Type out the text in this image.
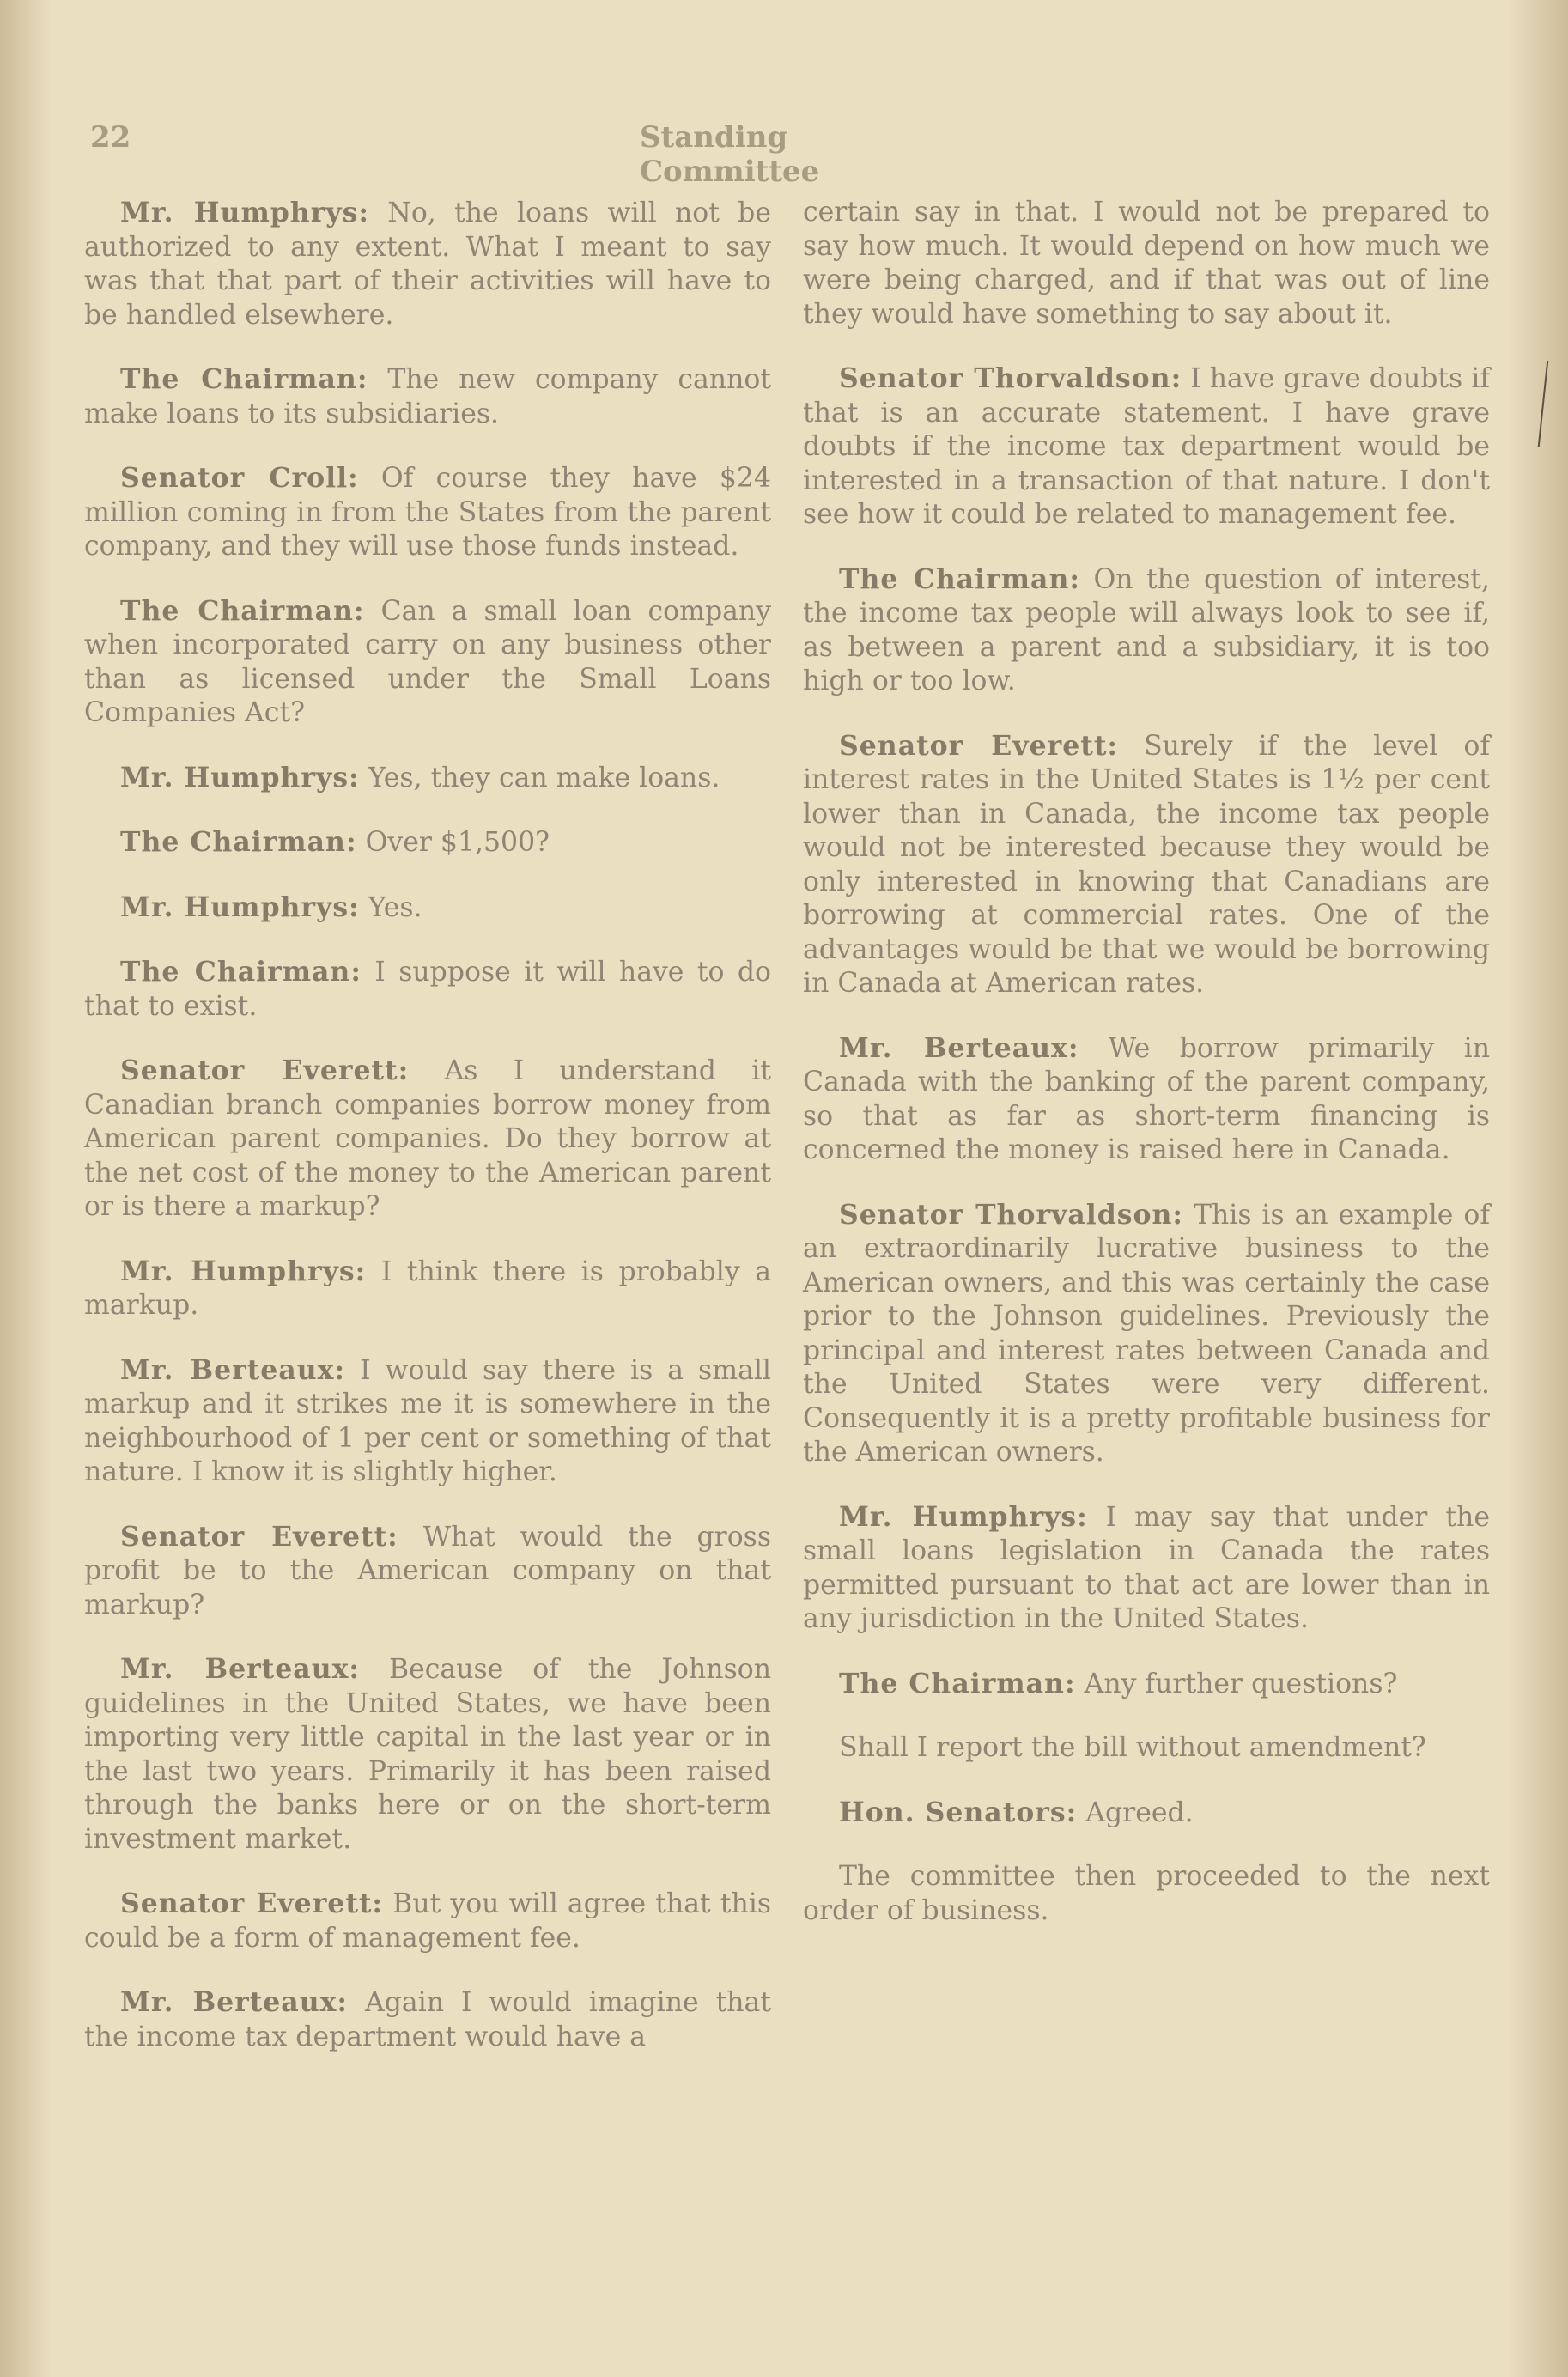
22	Standing Committee

Mr. Humphrys: No, the loans will not be authorized to any extent. What I meant to say was that that part of their activities will have to be handled elsewhere.

The Chairman: The new company cannot make loans to its subsidiaries.

Senator Croll: Of course they have $24 million coming in from the States from the parent company, and they will use those funds instead.

The Chairman: Can a small loan company when incorporated carry on any business other than as licensed under the Small Loans Companies Act?

Mr. Humphrys: Yes, they can make loans.

The Chairman: Over $1,500?

Mr. Humphrys: Yes.

The Chairman: I suppose it will have to do that to exist.

Senator Everett: As I understand it Canadian branch companies borrow money from American parent companies. Do they borrow at the net cost of the money to the American parent or is there a markup?

Mr. Humphrys: I think there is probably a markup.

Mr. Berteaux: I would say there is a small markup and it strikes me it is somewhere in the neighbourhood of 1 per cent or something of that nature. I know it is slightly higher.

Senator Everett: What would the gross profit be to the American company on that markup?

Mr. Berteaux: Because of the Johnson guidelines in the United States, we have been importing very little capital in the last year or in the last two years. Primarily it has been raised through the banks here or on the short-term investment market.

Senator Everett: But you will agree that this could be a form of management fee.

Mr. Berteaux: Again I would imagine that the income tax department would have a

certain say in that. I would not be prepared to say how much. It would depend on how much we were being charged, and if that was out of line they would have something to say about it.

Senator Thorvaldson: I have grave doubts if that is an accurate statement. I have grave doubts if the income tax department would be interested in a transaction of that nature. I don't see how it could be related to management fee.

The Chairman: On the question of interest, the income tax people will always look to see if, as between a parent and a subsidiary, it is too high or too low.

Senator Everett: Surely if the level of interest rates in the United States is 1½ per cent lower than in Canada, the income tax people would not be interested because they would be only interested in knowing that Canadians are borrowing at commercial rates. One of the advantages would be that we would be borrowing in Canada at American rates.

Mr. Berteaux: We borrow primarily in Canada with the banking of the parent company, so that as far as short-term financing is concerned the money is raised here in Canada.

Senator Thorvaldson: This is an example of an extraordinarily lucrative business to the American owners, and this was certainly the case prior to the Johnson guidelines. Previously the principal and interest rates between Canada and the United States were very different. Consequently it is a pretty profitable business for the American owners.

Mr. Humphrys: I may say that under the small loans legislation in Canada the rates permitted pursuant to that act are lower than in any jurisdiction in the United States.

The Chairman: Any further questions?

Shall I report the bill without amendment?

Hon. Senators: Agreed.

The committee then proceeded to the next order of business.
